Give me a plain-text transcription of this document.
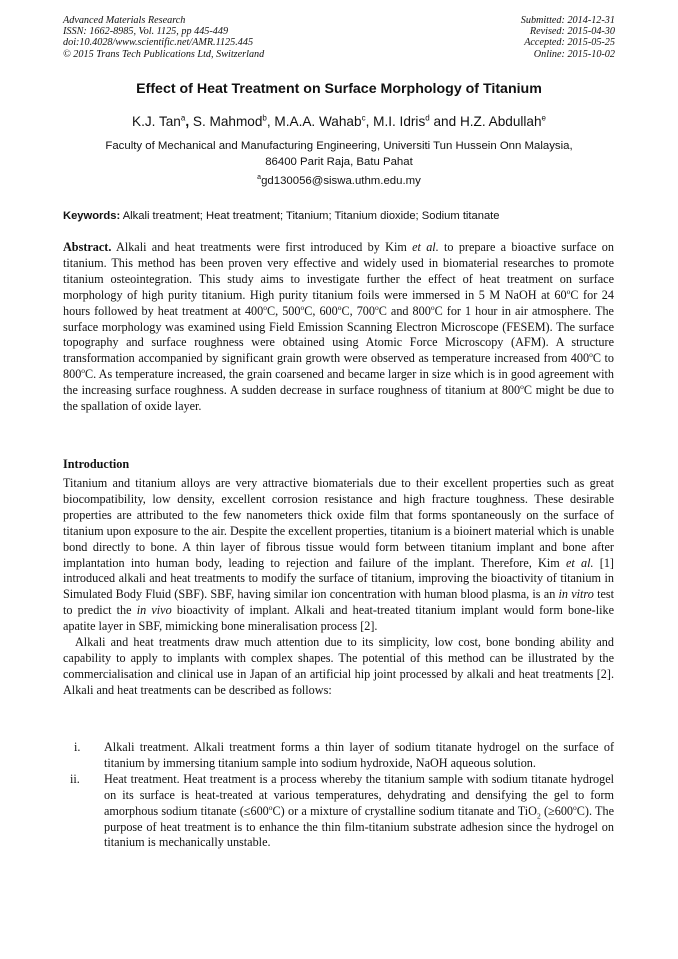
Advanced Materials Research
ISSN: 1662-8985, Vol. 1125, pp 445-449
doi:10.4028/www.scientific.net/AMR.1125.445
© 2015 Trans Tech Publications Ltd, Switzerland
Submitted: 2014-12-31
Revised: 2015-04-30
Accepted: 2015-05-25
Online: 2015-10-02
Effect of Heat Treatment on Surface Morphology of Titanium
K.J. Tan$^a$, S. Mahmod$^b$, M.A.A. Wahab$^c$, M.I. Idris$^d$ and H.Z. Abdullah$^e$
Faculty of Mechanical and Manufacturing Engineering, Universiti Tun Hussein Onn Malaysia,
86400 Parit Raja, Batu Pahat
$^a$gd130056@siswa.uthm.edu.my
Keywords: Alkali treatment; Heat treatment; Titanium; Titanium dioxide; Sodium titanate
Abstract. Alkali and heat treatments were first introduced by Kim et al. to prepare a bioactive surface on titanium. This method has been proven very effective and widely used in biomaterial researches to promote titanium osteointegration. This study aims to investigate further the effect of heat treatment on surface morphology of high purity titanium. High purity titanium foils were immersed in 5 M NaOH at 60$^o$C for 24 hours followed by heat treatment at 400$^o$C, 500$^o$C, 600$^o$C, 700$^o$C and 800$^o$C for 1 hour in air atmosphere. The surface morphology was examined using Field Emission Scanning Electron Microscope (FESEM). The surface topography and surface roughness were obtained using Atomic Force Microscopy (AFM). A structure transformation accompanied by significant grain growth were observed as temperature increased from 400$^o$C to 800$^o$C. As temperature increased, the grain coarsened and became larger in size which is in good agreement with the increasing surface roughness. A sudden decrease in surface roughness of titanium at 800$^o$C might be due to the spallation of oxide layer.
Introduction

Titanium and titanium alloys are very attractive biomaterials due to their excellent properties such as great biocompatibility, low density, excellent corrosion resistance and high fracture toughness. These desirable properties are attributed to the few nanometers thick oxide film that forms spontaneously on the surface of titanium upon exposure to the air. Despite the excellent properties, titanium is a bioinert material which is unable bond directly to bone. A thin layer of fibrous tissue would form between titanium implant and bone after implantation into human body, leading to rejection and failure of the implant. Therefore, Kim et al. [1] introduced alkali and heat treatments to modify the surface of titanium, improving the bioactivity of titanium in Simulated Body Fluid (SBF). SBF, having similar ion concentration with human blood plasma, is an in vitro test to predict the in vivo bioactivity of implant. Alkali and heat-treated titanium implant would form bone-like apatite layer in SBF, mimicking bone mineralisation process [2].

Alkali and heat treatments draw much attention due to its simplicity, low cost, bone bonding ability and capability to apply to implants with complex shapes. The potential of this method can be illustrated by the commercialisation and clinical use in Japan of an artificial hip joint processed by alkali and heat treatments [2]. Alkali and heat treatments can be described as follows:

i. Alkali treatment. Alkali treatment forms a thin layer of sodium titanate hydrogel on the surface of titanium by immersing titanium sample into sodium hydroxide, NaOH aqueous solution.
ii. Heat treatment. Heat treatment is a process whereby the titanium sample with sodium titanate hydrogel on its surface is heat-treated at various temperatures, dehydrating and densifying the gel to form amorphous sodium titanate $(\le 600^oC)$ or a mixture of crystalline sodium titanate and TiO$_2$ $(\ge 600^oC)$. The purpose of heat treatment is to enhance the thin film-titanium substrate adhesion since the hydrogel on titanium is mechanically unstable.
